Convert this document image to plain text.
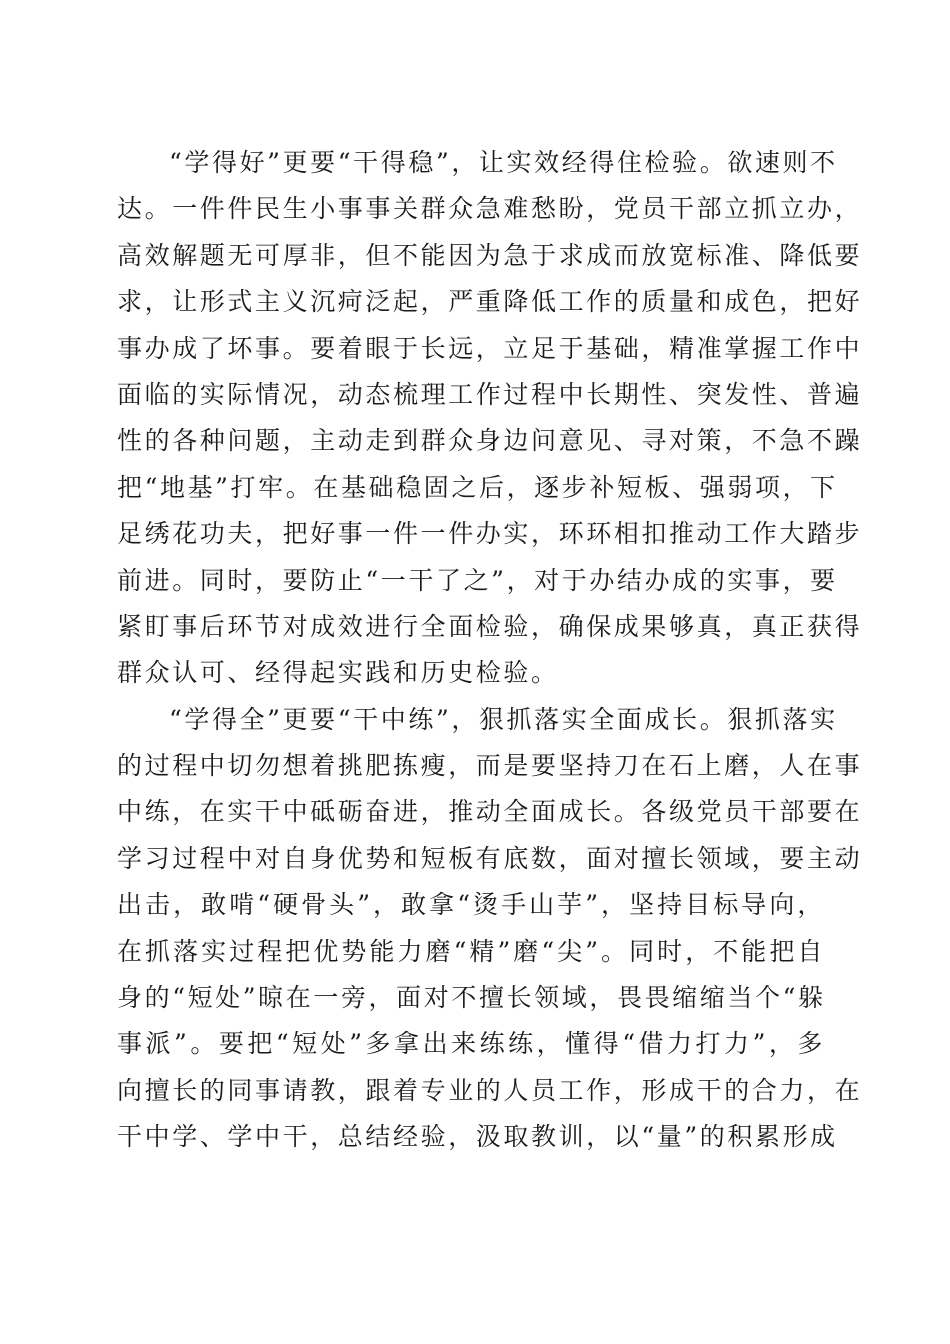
“学得好”更要“干得稳”，让实效经得住检验。欲速则不
达。一件件民生小事事关群众急难愁盼，党员干部立抓立办，
高效解题无可厚非，但不能因为急于求成而放宽标准、降低要
求，让形式主义沉疴泛起，严重降低工作的质量和成色，把好
事办成了坏事。要着眼于长远，立足于基础，精准掌握工作中
面临的实际情况，动态梳理工作过程中长期性、突发性、普遍
性的各种问题，主动走到群众身边问意见、寻对策，不急不躁
把“地基”打牢。在基础稳固之后，逐步补短板、强弱项，下
足绣花功夫，把好事一件一件办实，环环相扣推动工作大踏步
前进。同时，要防止“一干了之”，对于办结办成的实事，要
紧盯事后环节对成效进行全面检验，确保成果够真，真正获得
群众认可、经得起实践和历史检验。
“学得全”更要“干中练”，狠抓落实全面成长。狠抓落实
的过程中切勿想着挑肥拣瘦，而是要坚持刀在石上磨，人在事
中练，在实干中砥砺奋进，推动全面成长。各级党员干部要在
学习过程中对自身优势和短板有底数，面对擅长领域，要主动
出击，敢啃“硬骨头”，敢拿“烫手山芋”，坚持目标导向，
在抓落实过程把优势能力磨“精”磨“尖”。同时，不能把自
身的“短处”晾在一旁，面对不擅长领域，畏畏缩缩当个“躲
事派”。要把“短处”多拿出来练练，懂得“借力打力”，多
向擅长的同事请教，跟着专业的人员工作，形成干的合力，在
干中学、学中干，总结经验，汲取教训，以“量”的积累形成
